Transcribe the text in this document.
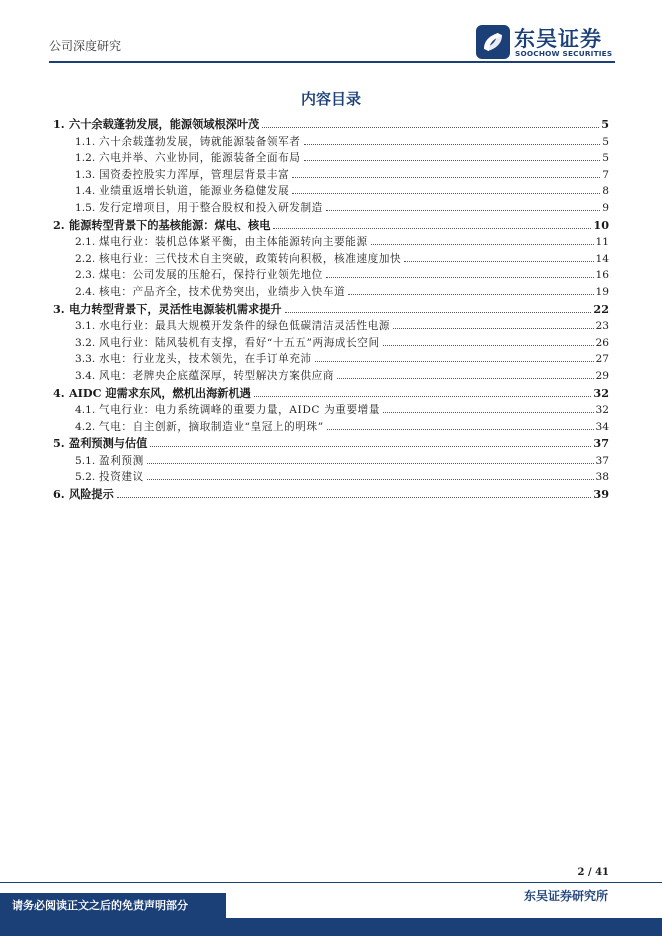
公司深度研究	东吴证券
SOOCHOW SECURITIES
内容目录
1. 六十余载蓬勃发展，能源领域根深叶茂	5
1.1. 六十余载蓬勃发展，铸就能源装备领军者	5
1.2. 六电并举、六业协同，能源装备全面布局	5
1.3. 国资委控股实力浑厚，管理层背景丰富	7
1.4. 业绩重返增长轨道，能源业务稳健发展	8
1.5. 发行定增项目，用于整合股权和投入研发制造	9
2. 能源转型背景下的基核能源：煤电、核电	10
2.1. 煤电行业：装机总体紧平衡，由主体能源转向主要能源	11
2.2. 核电行业：三代技术自主突破，政策转向积极，核准速度加快	14
2.3. 煤电：公司发展的压舱石，保持行业领先地位	16
2.4. 核电：产品齐全，技术优势突出，业绩步入快车道	19
3. 电力转型背景下，灵活性电源装机需求提升	22
3.1. 水电行业：最具大规模开发条件的绿色低碳清洁灵活性电源	23
3.2. 风电行业：陆风装机有支撑，看好“十五五”两海成长空间	26
3.3. 水电：行业龙头，技术领先，在手订单充沛	27
3.4. 风电：老牌央企底蕴深厚，转型解决方案供应商	29
4. AIDC 迎需求东风，燃机出海新机遇	32
4.1. 气电行业：电力系统调峰的重要力量，AIDC 为重要增量	32
4.2. 气电：自主创新，摘取制造业“皇冠上的明珠”	34
5. 盈利预测与估值	37
5.1. 盈利预测	37
5.2. 投资建议	38
6. 风险提示	39
2 / 41
请务必阅读正文之后的免责声明部分
东吴证券研究所
